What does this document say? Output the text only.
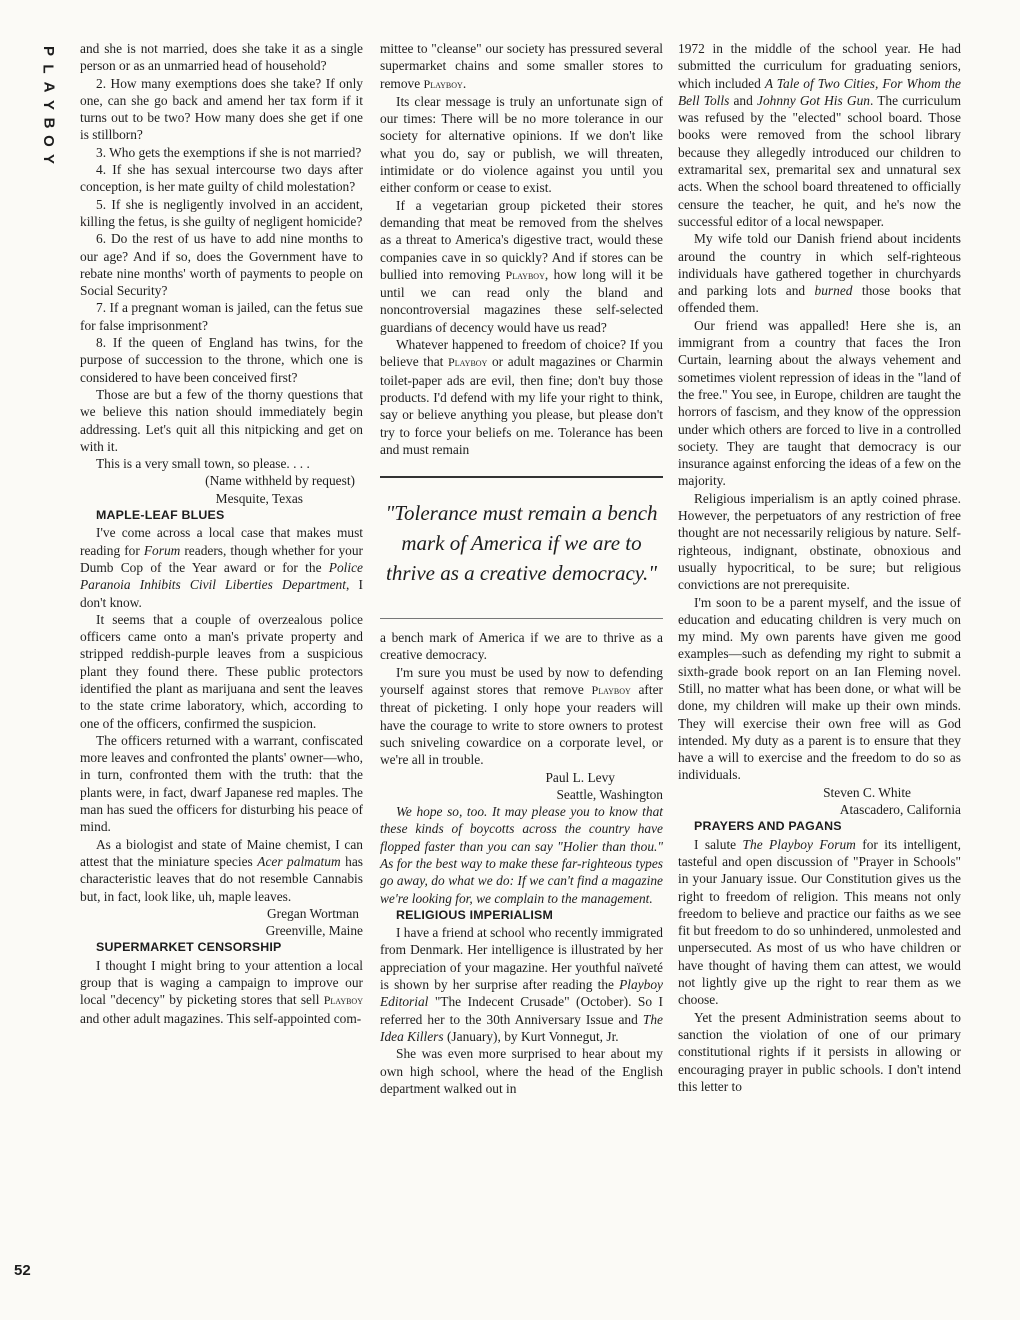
P
L
A
Y
B
O
Y
52

and she is not married, does she take it as a single person or as an unmarried head of household?

2. How many exemptions does she take? If only one, can she go back and amend her tax form if it turns out to be two? How many does she get if one is stillborn?

3. Who gets the exemptions if she is not married?

4. If she has sexual intercourse two days after conception, is her mate guilty of child molestation?

5. If she is negligently involved in an accident, killing the fetus, is she guilty of negligent homicide?

6. Do the rest of us have to add nine months to our age? And if so, does the Government have to rebate nine months' worth of payments to people on Social Security?

7. If a pregnant woman is jailed, can the fetus sue for false imprisonment?

8. If the queen of England has twins, for the purpose of succession to the throne, which one is considered to have been conceived first?

Those are but a few of the thorny questions that we believe this nation should immediately begin addressing. Let's quit all this nitpicking and get on with it.

This is a very small town, so please. . . .

(Name withheld by request)

Mesquite, Texas

MAPLE-LEAF BLUES

I've come across a local case that makes must reading for Forum readers, though whether for your Dumb Cop of the Year award or for the Police Paranoia Inhibits Civil Liberties Department, I don't know.

It seems that a couple of overzealous police officers came onto a man's private property and stripped reddish-purple leaves from a suspicious plant they found there. These public protectors identified the plant as marijuana and sent the leaves to the state crime laboratory, which, according to one of the officers, confirmed the suspicion.

The officers returned with a warrant, confiscated more leaves and confronted the plants' owner—who, in turn, confronted them with the truth: that the plants were, in fact, dwarf Japanese red maples. The man has sued the officers for disturbing his peace of mind.

As a biologist and state of Maine chemist, I can attest that the miniature species Acer palmatum has characteristic leaves that do not resemble Cannabis but, in fact, look like, uh, maple leaves.

Gregan Wortman

Greenville, Maine

SUPERMARKET CENSORSHIP

I thought I might bring to your attention a local group that is waging a campaign to improve our local "decency" by picketing stores that sell Playboy and other adult magazines. This self-appointed com-

mittee to "cleanse" our society has pressured several supermarket chains and some smaller stores to remove Playboy.

Its clear message is truly an unfortunate sign of our times: There will be no more tolerance in our society for alternative opinions. If we don't like what you do, say or publish, we will threaten, intimidate or do violence against you until you either conform or cease to exist.

If a vegetarian group picketed their stores demanding that meat be removed from the shelves as a threat to America's digestive tract, would these companies cave in so quickly? And if stores can be bullied into removing Playboy, how long will it be until we can read only the bland and noncontroversial magazines these self-selected guardians of decency would have us read?

Whatever happened to freedom of choice? If you believe that Playboy or adult magazines or Charmin toilet-paper ads are evil, then fine; don't buy those products. I'd defend with my life your right to think, say or believe anything you please, but please don't try to force your beliefs on me. Tolerance has been and must remain

"Tolerance must remain a bench mark of America if we are to thrive as a creative democracy."

a bench mark of America if we are to thrive as a creative democracy.

I'm sure you must be used by now to defending yourself against stores that remove Playboy after threat of picketing. I only hope your readers will have the courage to write to store owners to protest such sniveling cowardice on a corporate level, or we're all in trouble.

Paul L. Levy

Seattle, Washington

We hope so, too. It may please you to know that these kinds of boycotts across the country have flopped faster than you can say "Holier than thou." As for the best way to make these far-righteous types go away, do what we do: If we can't find a magazine we're looking for, we complain to the management.

RELIGIOUS IMPERIALISM

I have a friend at school who recently immigrated from Denmark. Her intelligence is illustrated by her appreciation of your magazine. Her youthful naïveté is shown by her surprise after reading the Playboy Editorial "The Indecent Crusade" (October). So I referred her to the 30th Anniversary Issue and The Idea Killers (January), by Kurt Vonnegut, Jr.

She was even more surprised to hear about my own high school, where the head of the English department walked out in

1972 in the middle of the school year. He had submitted the curriculum for graduating seniors, which included A Tale of Two Cities, For Whom the Bell Tolls and Johnny Got His Gun. The curriculum was refused by the "elected" school board. Those books were removed from the school library because they allegedly introduced our children to extramarital sex, premarital sex and unnatural sex acts. When the school board threatened to officially censure the teacher, he quit, and he's now the successful editor of a local newspaper.

My wife told our Danish friend about incidents around the country in which self-righteous individuals have gathered together in churchyards and parking lots and burned those books that offended them.

Our friend was appalled! Here she is, an immigrant from a country that faces the Iron Curtain, learning about the always vehement and sometimes violent repression of ideas in the "land of the free." You see, in Europe, children are taught the horrors of fascism, and they know of the oppression under which others are forced to live in a controlled society. They are taught that democracy is our insurance against enforcing the ideas of a few on the majority.

Religious imperialism is an aptly coined phrase. However, the perpetuators of any restriction of free thought are not necessarily religious by nature. Self-righteous, indignant, obstinate, obnoxious and usually hypocritical, to be sure; but religious convictions are not prerequisite.

I'm soon to be a parent myself, and the issue of education and educating children is very much on my mind. My own parents have given me good examples—such as defending my right to submit a sixth-grade book report on an Ian Fleming novel. Still, no matter what has been done, or what will be done, my children will make up their own minds. They will exercise their own free will as God intended. My duty as a parent is to ensure that they have a will to exercise and the freedom to do so as individuals.

Steven C. White

Atascadero, California

PRAYERS AND PAGANS

I salute The Playboy Forum for its intelligent, tasteful and open discussion of "Prayer in Schools" in your January issue. Our Constitution gives us the right to freedom of religion. This means not only freedom to believe and practice our faiths as we see fit but freedom to do so unhindered, unmolested and unpersecuted. As most of us who have children or have thought of having them can attest, we would not lightly give up the right to rear them as we choose.

Yet the present Administration seems about to sanction the violation of one of our primary constitutional rights if it persists in allowing or encouraging prayer in public schools. I don't intend this letter to
